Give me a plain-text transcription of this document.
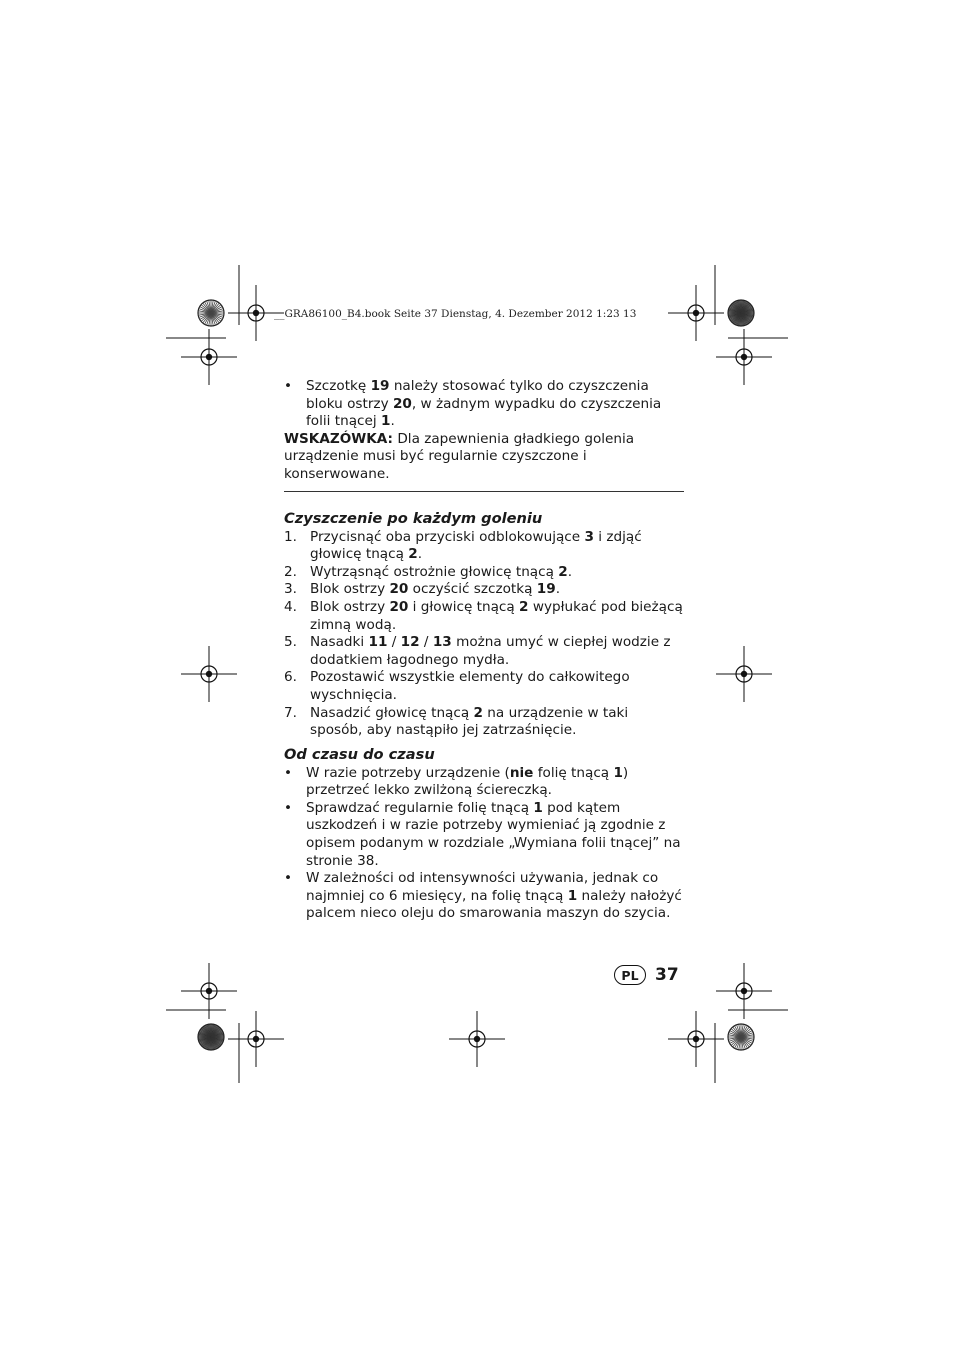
__GRA86100_B4.book Seite 37 Dienstag, 4. Dezember 2012 1:23 13
• Szczotkę 19 należy stosować tylko do czyszczenia bloku ostrzy 20, w żadnym wypadku do czyszczenia folii tnącej 1.
WSKAZÓWKA: Dla zapewnienia gładkiego golenia urządzenie musi być regularnie czyszczone i konserwowane.
Czyszczenie po każdym goleniu
1. Przycisnąć oba przyciski odblokowujące 3 i zdjąć głowicę tnącą 2.
2. Wytrząsnąć ostrożnie głowicę tnącą 2.
3. Blok ostrzy 20 oczyścić szczotką 19.
4. Blok ostrzy 20 i głowicę tnącą 2 wypłukać pod bieżącą zimną wodą.
5. Nasadki 11 / 12 / 13 można umyć w ciepłej wodzie z dodatkiem łagodnego mydła.
6. Pozostawić wszystkie elementy do całkowitego wyschnięcia.
7. Nasadzić głowicę tnącą 2 na urządzenie w taki sposób, aby nastąpiło jej zatrzaśnięcie.
Od czasu do czasu
• W razie potrzeby urządzenie (nie folię tnącą 1) przetrzeć lekko zwilżoną ściereczką.
• Sprawdzać regularnie folię tnącą 1 pod kątem uszkodzeń i w razie potrzeby wymieniać ją zgodnie z opisem podanym w rozdziale „Wymiana folii tnącej” na stronie 38.
• W zależności od intensywności używania, jednak co najmniej co 6 miesięcy, na folię tnącą 1 należy nałożyć palcem nieco oleju do smarowania maszyn do szycia.
PL 37
